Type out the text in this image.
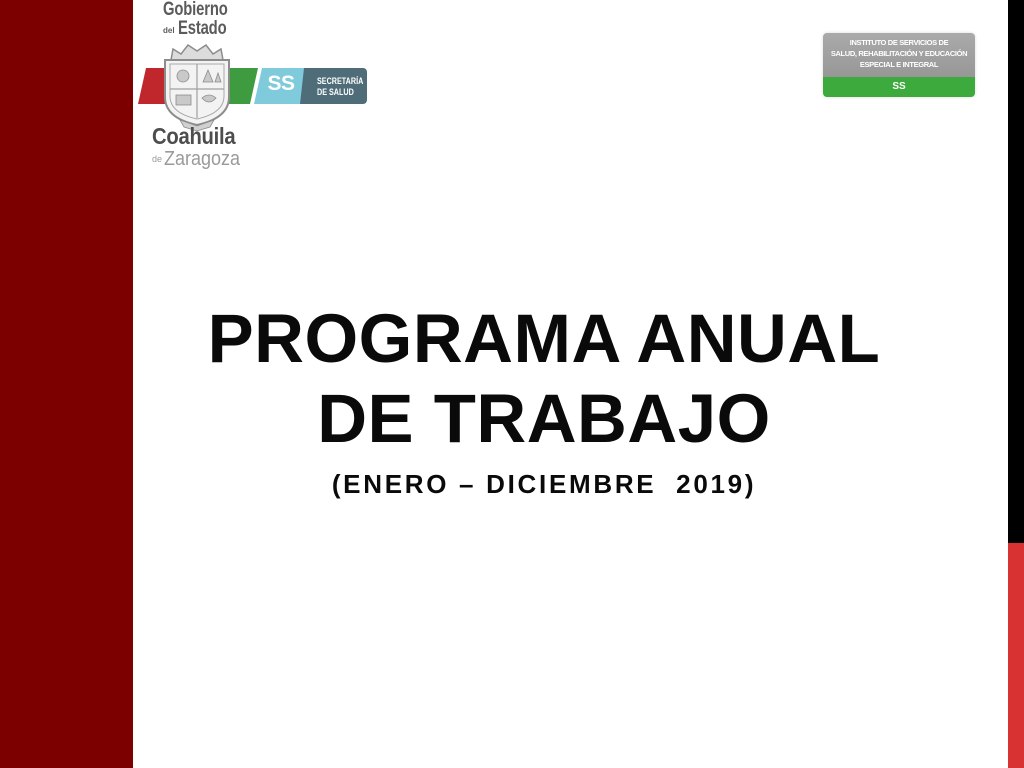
Gobierno
del Estado
SS	SECRETARÍA
DE SALUD
Coahuila
de Zaragoza
INSTITUTO DE SERVICIOS DE
SALUD, REHABILITACIÓN Y EDUCACIÓN
ESPECIAL E INTEGRAL
SS
PROGRAMA ANUAL
DE TRABAJO
(ENERO – DICIEMBRE  2019)
